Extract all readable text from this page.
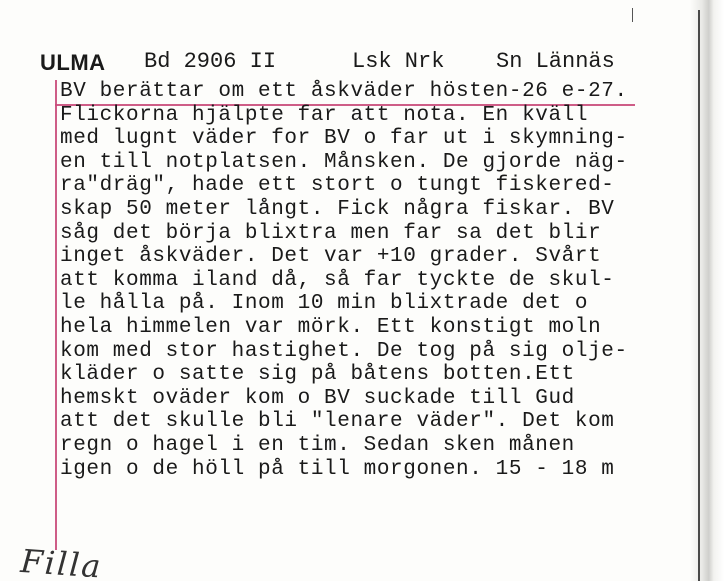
ULMA

Bd 2906 II

	Lsk Nrk

Sn Lännäs

BV berättar om ett åskväder hösten-26 e-27.
Flickorna hjälpte far att nota. En kväll
med lugnt väder for BV o far ut i skymning-
en till notplatsen. Månsken. De gjorde näg-
ra"dräg", hade ett stort o tungt fiskered-
skap 50 meter långt. Fick några fiskar. BV
såg det börja blixtra men far sa det blir
inget åskväder. Det var +10 grader. Svårt
att komma iland då, så far tyckte de skul-
le hålla på. Inom 10 min blixtrade det o
hela himmelen var mörk. Ett konstigt moln
kom med stor hastighet. De tog på sig olje-
kläder o satte sig på båtens botten.Ett
hemskt oväder kom o BV suckade till Gud
att det skulle bli "lenare väder". Det kom
regn o hagel i en tim. Sedan sken månen
igen o de höll på till morgonen. 15 - 18 m
Filla
